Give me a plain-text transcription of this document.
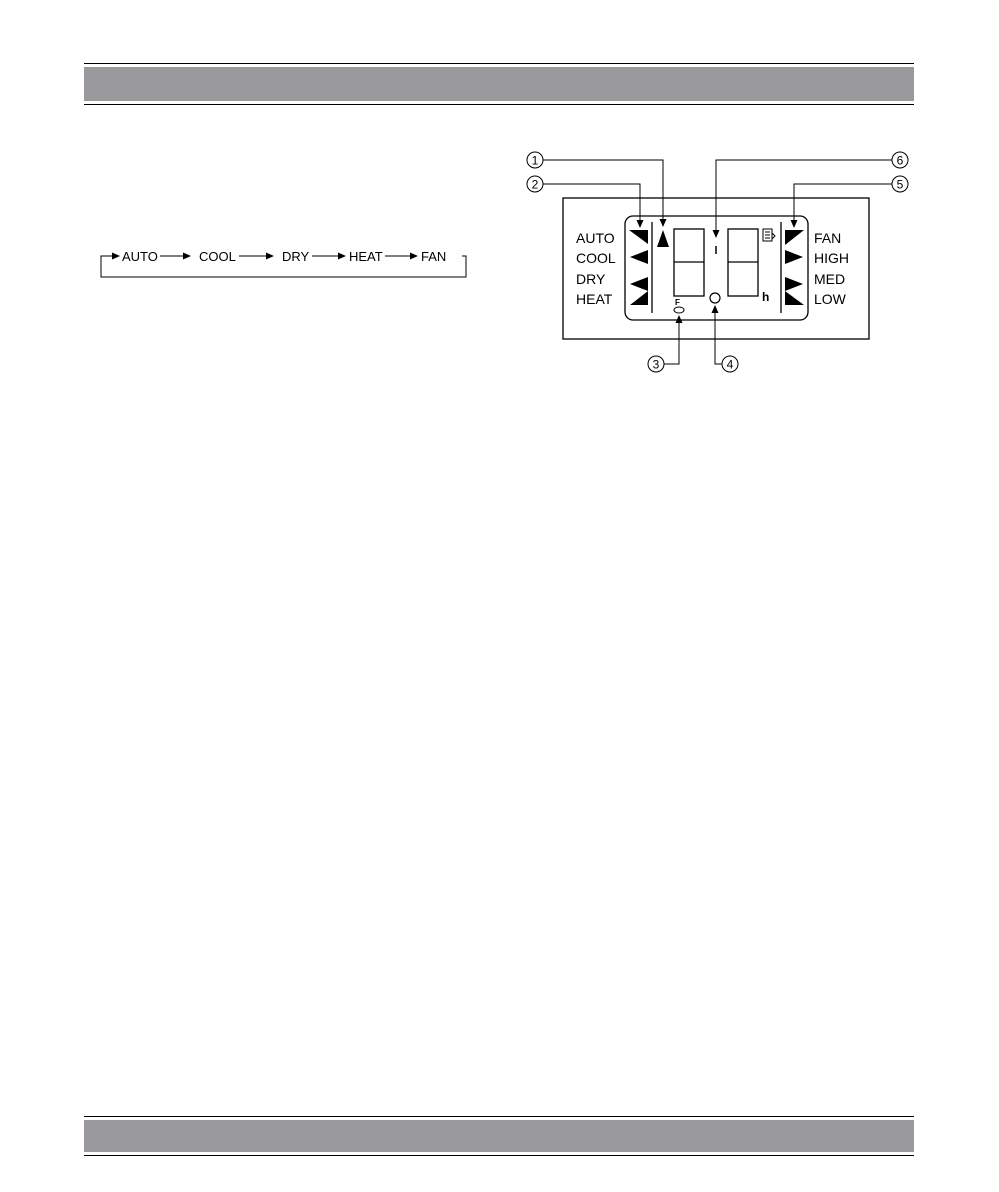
AUTO	COOL	DRY	HEAT	FAN
AUTO
COOL
DRY
HEAT
FAN
HIGH
MED
LOW
h
F
1
2
6
5
3	4
